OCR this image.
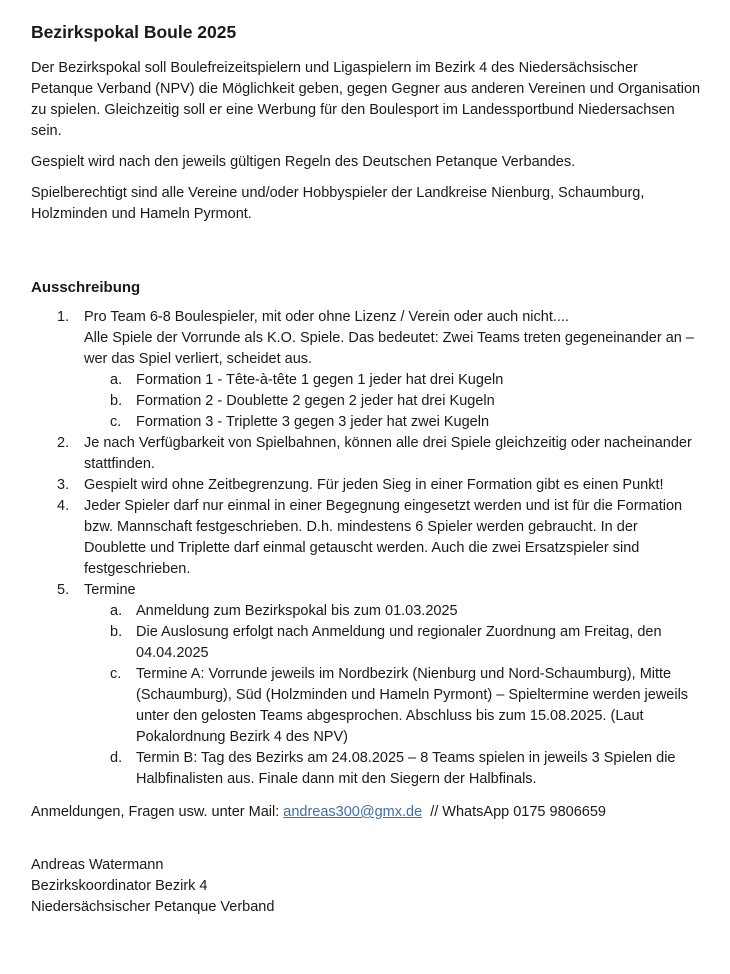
Bezirkspokal Boule 2025

Der Bezirkspokal soll Boulefreizeitspielern und Ligaspielern im Bezirk 4 des Niedersächsischer Petanque Verband (NPV) die Möglichkeit geben, gegen Gegner aus anderen Vereinen und Organisation zu spielen. Gleichzeitig soll er eine Werbung für den Boulesport im Landessportbund Niedersachsen sein.

Gespielt wird nach den jeweils gültigen Regeln des Deutschen Petanque Verbandes.

Spielberechtigt sind alle Vereine und/oder Hobbyspieler der Landkreise Nienburg, Schaumburg, Holzminden und Hameln Pyrmont.

Ausschreibung
1. Pro Team 6-8 Boulespieler, mit oder ohne Lizenz / Verein oder auch nicht....
Alle Spiele der Vorrunde als K.O. Spiele. Das bedeutet: Zwei Teams treten gegeneinander an – wer das Spiel verliert, scheidet aus.
a. Formation 1 - Tête-à-tête 1 gegen 1 jeder hat drei Kugeln
b. Formation 2 - Doublette 2 gegen 2 jeder hat drei Kugeln
c. Formation 3 - Triplette 3 gegen 3 jeder hat zwei Kugeln
2. Je nach Verfügbarkeit von Spielbahnen, können alle drei Spiele gleichzeitig oder nacheinander stattfinden.
3. Gespielt wird ohne Zeitbegrenzung. Für jeden Sieg in einer Formation gibt es einen Punkt!
4. Jeder Spieler darf nur einmal in einer Begegnung eingesetzt werden und ist für die Formation bzw. Mannschaft festgeschrieben. D.h. mindestens 6 Spieler werden gebraucht. In der Doublette und Triplette darf einmal getauscht werden. Auch die zwei Ersatzspieler sind festgeschrieben.
5. Termine
a. Anmeldung zum Bezirkspokal bis zum 01.03.2025
b. Die Auslosung erfolgt nach Anmeldung und regionaler Zuordnung am Freitag, den 04.04.2025
c. Termine A: Vorrunde jeweils im Nordbezirk (Nienburg und Nord-Schaumburg), Mitte (Schaumburg), Süd (Holzminden und Hameln Pyrmont) – Spieltermine werden jeweils unter den gelosten Teams abgesprochen. Abschluss bis zum 15.08.2025. (Laut Pokalordnung Bezirk 4 des NPV)
d. Termin B: Tag des Bezirks am 24.08.2025 – 8 Teams spielen in jeweils 3 Spielen die Halbfinalisten aus. Finale dann mit den Siegern der Halbfinals.

Anmeldungen, Fragen usw. unter Mail: andreas300@gmx.de  // WhatsApp 0175 9806659

Andreas Watermann
Bezirkskoordinator Bezirk 4
Niedersächsischer Petanque Verband
